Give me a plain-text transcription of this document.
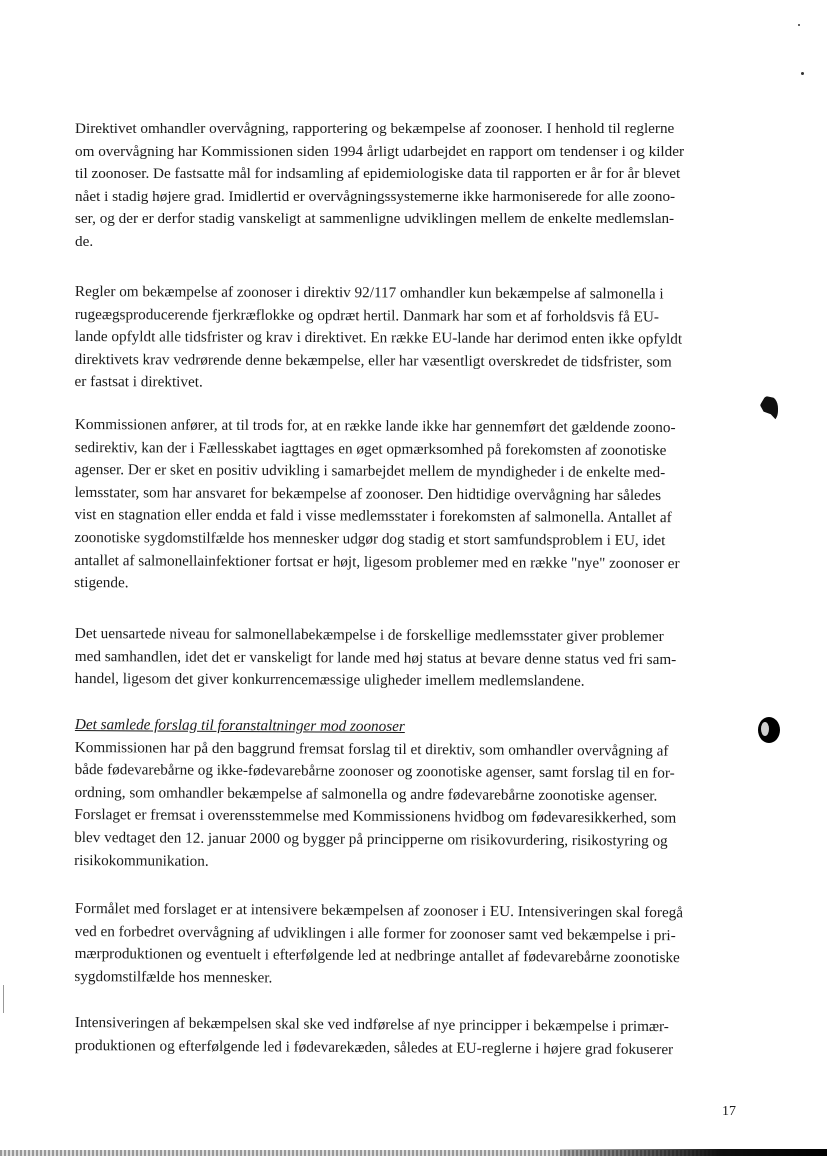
Direktivet omhandler overvågning, rapportering og bekæmpelse af zoonoser. I henhold til reglerne
om overvågning har Kommissionen siden 1994 årligt udarbejdet en rapport om tendenser i og kilder
til zoonoser. De fastsatte mål for indsamling af epidemiologiske data til rapporten er år for år blevet
nået i stadig højere grad. Imidlertid er overvågningssystemerne ikke harmoniserede for alle zoono-
ser, og der er derfor stadig vanskeligt at sammenligne udviklingen mellem de enkelte medlemslan-
de.

Regler om bekæmpelse af zoonoser i direktiv 92/117 omhandler kun bekæmpelse af salmonella i
rugeægsproducerende fjerkræflokke og opdræt hertil. Danmark har som et af forholdsvis få EU-
lande opfyldt alle tidsfrister og krav i direktivet. En række EU-lande har derimod enten ikke opfyldt
direktivets krav vedrørende denne bekæmpelse, eller har væsentligt overskredet de tidsfrister, som
er fastsat i direktivet.

Kommissionen anfører, at til trods for, at en række lande ikke har gennemført det gældende zoono-
sedirektiv, kan der i Fællesskabet iagttages en øget opmærksomhed på forekomsten af zoonotiske
agenser. Der er sket en positiv udvikling i samarbejdet mellem de myndigheder i de enkelte med-
lemsstater, som har ansvaret for bekæmpelse af zoonoser. Den hidtidige overvågning har således
vist en stagnation eller endda et fald i visse medlemsstater i forekomsten af salmonella. Antallet af
zoonotiske sygdomstilfælde hos mennesker udgør dog stadig et stort samfundsproblem i EU, idet
antallet af salmonellainfektioner fortsat er højt, ligesom problemer med en række "nye" zoonoser er
stigende.

Det uensartede niveau for salmonellabekæmpelse i de forskellige medlemsstater giver problemer
med samhandlen, idet det er vanskeligt for lande med høj status at bevare denne status ved fri sam-
handel, ligesom det giver konkurrencemæssige uligheder imellem medlemslandene.

Det samlede forslag til foranstaltninger mod zoonoser
Kommissionen har på den baggrund fremsat forslag til et direktiv, som omhandler overvågning af
både fødevarebårne og ikke-fødevarebårne zoonoser og zoonotiske agenser, samt forslag til en for-
ordning, som omhandler bekæmpelse af salmonella og andre fødevarebårne zoonotiske agenser.
Forslaget er fremsat i overensstemmelse med Kommissionens hvidbog om fødevaresikkerhed, som
blev vedtaget den 12. januar 2000 og bygger på principperne om risikovurdering, risikostyring og
risikokommunikation.

Formålet med forslaget er at intensivere bekæmpelsen af zoonoser i EU. Intensiveringen skal foregå
ved en forbedret overvågning af udviklingen i alle former for zoonoser samt ved bekæmpelse i pri-
mærproduktionen og eventuelt i efterfølgende led at nedbringe antallet af fødevarebårne zoonotiske
sygdomstilfælde hos mennesker.

Intensiveringen af bekæmpelsen skal ske ved indførelse af nye principper i bekæmpelse i primær-
produktionen og efterfølgende led i fødevarekæden, således at EU-reglerne i højere grad fokuserer

17
